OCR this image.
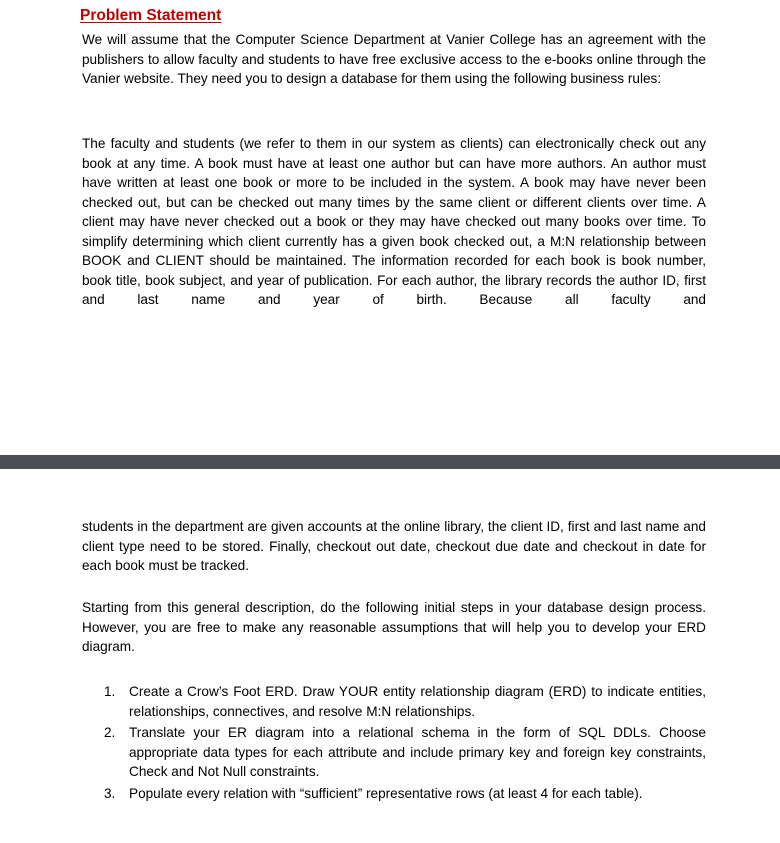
Problem Statement

We will assume that the Computer Science Department at Vanier College has an agreement with the publishers to allow faculty and students to have free exclusive access to the e-books online through the Vanier website. They need you to design a database for them using the following business rules:

The faculty and students (we refer to them in our system as clients) can electronically check out any book at any time. A book must have at least one author but can have more authors. An author must have written at least one book or more to be included in the system. A book may have never been checked out, but can be checked out many times by the same client or different clients over time. A client may have never checked out a book or they may have checked out many books over time. To simplify determining which client currently has a given book checked out, a M:N relationship between BOOK and CLIENT should be maintained. The information recorded for each book is book number, book title, book subject, and year of publication. For each author, the library records the author ID, first and last name and year of birth. Because all faculty and

students in the department are given accounts at the online library, the client ID, first and last name and client type need to be stored. Finally, checkout out date, checkout due date and checkout in date for each book must be tracked.

Starting from this general description, do the following initial steps in your database design process. However, you are free to make any reasonable assumptions that will help you to develop your ERD diagram.

1. Create a Crow’s Foot ERD. Draw YOUR entity relationship diagram (ERD) to indicate entities, relationships, connectives, and resolve M:N relationships.
2. Translate your ER diagram into a relational schema in the form of SQL DDLs. Choose appropriate data types for each attribute and include primary key and foreign key constraints, Check and Not Null constraints.
3. Populate every relation with “sufficient” representative rows (at least 4 for each table).
